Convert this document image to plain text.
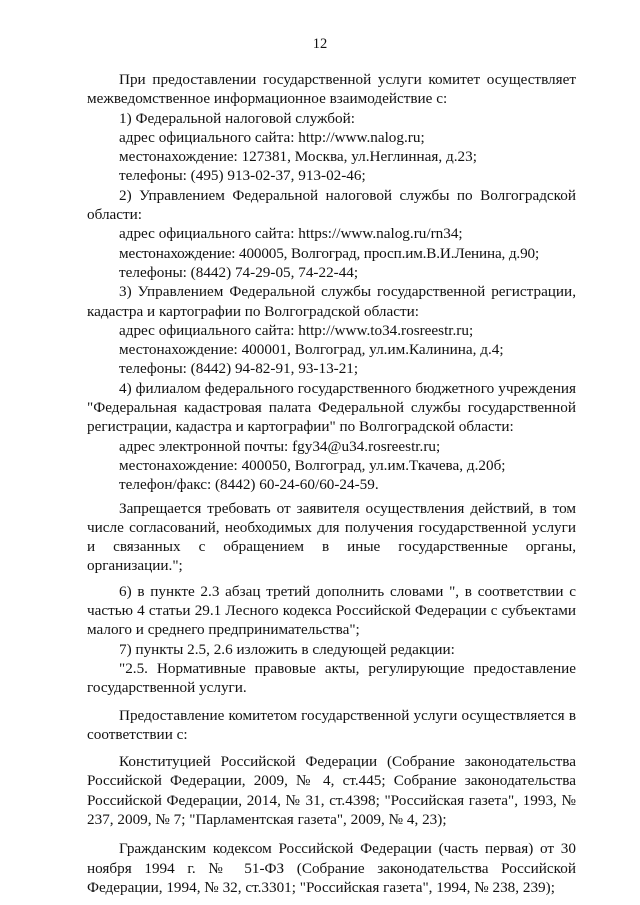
12

При предоставлении государственной услуги комитет осуществляет межведомственное информационное взаимодействие с:

1) Федеральной налоговой службой:

адрес официального сайта: http://www.nalog.ru;

местонахождение: 127381, Москва, ул.Неглинная, д.23;

телефоны: (495) 913-02-37, 913-02-46;

2) Управлением Федеральной налоговой службы по Волгоградской области:

адрес официального сайта: https://www.nalog.ru/rn34;

местонахождение: 400005, Волгоград, просп.им.В.И.Ленина, д.90;

телефоны: (8442) 74-29-05, 74-22-44;

3) Управлением Федеральной службы государственной регистрации, кадастра и картографии по Волгоградской области:

адрес официального сайта: http://www.to34.rosreestr.ru;

местонахождение: 400001, Волгоград, ул.им.Калинина, д.4;

телефоны: (8442) 94-82-91, 93-13-21;

4) филиалом федерального государственного бюджетного учреждения "Федеральная кадастровая палата Федеральной службы государственной регистрации, кадастра и картографии" по Волгоградской области:

адрес электронной почты: fgy34@u34.rosreestr.ru;

местонахождение: 400050, Волгоград, ул.им.Ткачева, д.20б;

телефон/факс: (8442) 60-24-60/60-24-59.

Запрещается требовать от заявителя осуществления действий, в том числе согласований, необходимых для получения государственной услуги и связанных с обращением в иные государственные органы, организации.";

6) в пункте 2.3 абзац третий дополнить словами ", в соответствии с частью 4 статьи 29.1 Лесного кодекса Российской Федерации с субъектами малого и среднего предпринимательства";

7) пункты 2.5, 2.6 изложить в следующей редакции:

"2.5. Нормативные правовые акты, регулирующие предоставление государственной услуги.

Предоставление комитетом государственной услуги осуществляется в соответствии с:

Конституцией Российской Федерации (Собрание законодательства Российской Федерации, 2009, № 4, ст.445; Собрание законодательства Российской Федерации, 2014, № 31, ст.4398; "Российская газета", 1993, № 237, 2009, № 7; "Парламентская газета", 2009, № 4, 23);

Гражданским кодексом Российской Федерации (часть первая) от 30 ноября 1994 г. № 51-ФЗ (Собрание законодательства Российской Федерации, 1994, № 32, ст.3301; "Российская газета", 1994, № 238, 239);
